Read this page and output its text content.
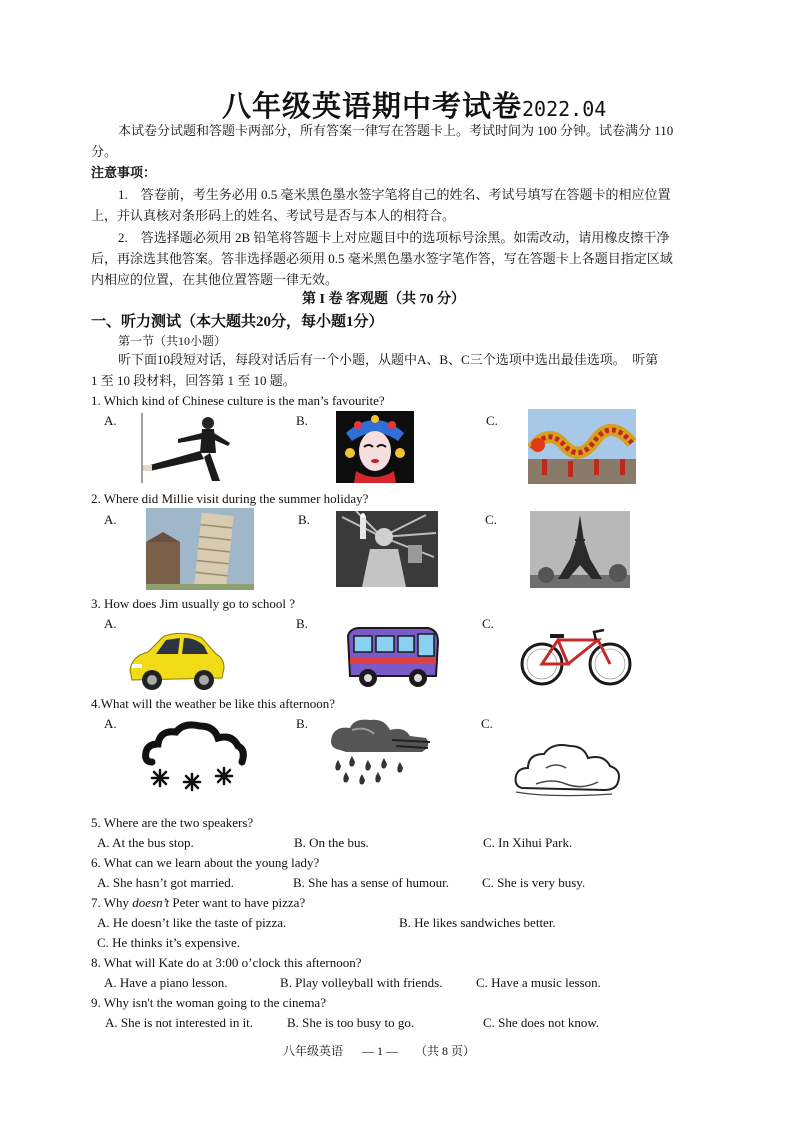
八年级英语期中考试卷2022.04
本试卷分试题和答题卡两部分，所有答案一律写在答题卡上。考试时间为 100 分钟。试卷满分 110
分。
注意事项：
1.　答卷前，考生务必用 0.5 毫米黑色墨水签字笔将自己的姓名、考试号填写在答题卡的相应位置
上，并认真核对条形码上的姓名、考试号是否与本人的相符合。
2.　答选择题必须用 2B 铅笔将答题卡上对应题目中的选项标号涂黑。如需改动，请用橡皮擦干净
后，再涂选其他答案。答非选择题必须用 0.5 毫米黑色墨水签字笔作答，写在答题卡上各题目指定区域
内相应的位置，在其他位置答题一律无效。
第 I 卷 客观题（共 70 分）
一、听力测试（本大题共20分，每小题1分）
第一节（共10小题）
听下面10段短对话，每段对话后有一个小题，从题中A、B、C三个选项中选出最佳选项。　听第
1 至 10 段材料，回答第 1 至 10 题。
1. Which kind of Chinese culture is the man’s favourite?
A.	B.	C.
2. Where did Millie visit during the summer holiday?
A.	B.	C.
3. How does Jim usually go to school ?
A.	B.	C.
4.What will the weather be like this afternoon?
A.	B.	C.
5. Where are the two speakers?
A. At the bus stop.	B. On the bus.	C. In Xihui Park.
6. What can we learn about the young lady?
A. She hasn’t got married.	B. She has a sense of humour.	C. She is very busy.
7. Why doesn’t Peter want to have pizza?
A. He doesn’t like the taste of pizza.	B. He likes sandwiches better.
C. He thinks it’s expensive.
8. What will Kate do at 3:00 o’clock this afternoon?
A. Have a piano lesson.	B. Play volleyball with friends.	C. Have a music lesson.
9. Why isn't the woman going to the cinema?
A. She is not interested in it.	B. She is too busy to go.	C. She does not know.
八年级英语 — 1 — （共 8 页）
